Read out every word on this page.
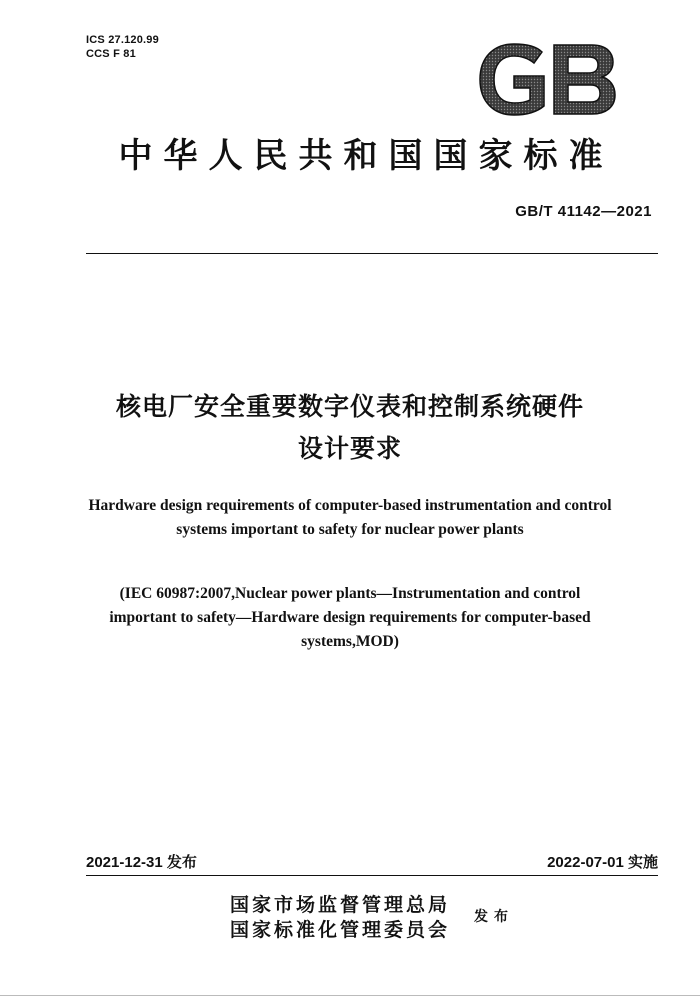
ICS 27.120.99
CCS F 81
中华人民共和国国家标准
GB/T 41142—2021
核电厂安全重要数字仪表和控制系统硬件
设计要求
Hardware design requirements of computer-based instrumentation and control
systems important to safety for nuclear power plants
(IEC 60987:2007,Nuclear power plants—Instrumentation and control
important to safety—Hardware design requirements for computer-based
systems,MOD)
2021-12-31 发布	2022-07-01 实施
国家市场监督管理总局
国家标准化管理委员会
发布
